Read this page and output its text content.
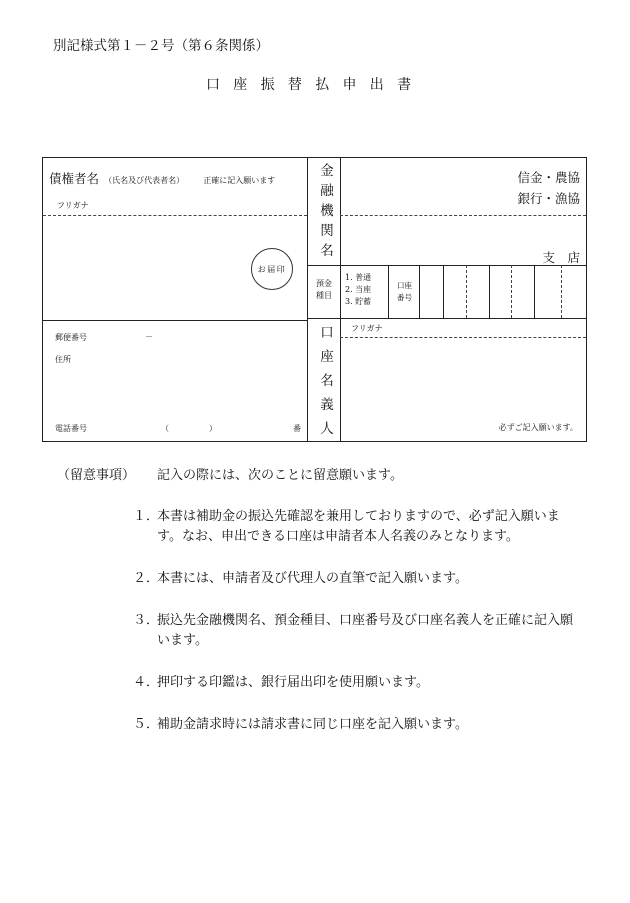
別記様式第１－２号（第６条関係）
口座振替払申出書
債権者名 （氏名及び代表者名） 正確に記入願います
フリガナ
お届印
金
融
機
関
名
信金・農協
銀行・漁協
支　店
預金
種目
1. 普通
2. 当座
3. 貯蓄
口座
番号
郵便番号	－
住所
電話番号	（	）	番
口
座
名
義
人
フリガナ
必ずご記入願います。
（留意事項） 記入の際には、次のことに留意願います。
１．
本書は補助金の振込先確認を兼用しておりますので、必ず記入願います。なお、申出できる口座は申請者本人名義のみとなります。
２．
本書には、申請者及び代理人の直筆で記入願います。
３．
振込先金融機関名、預金種目、口座番号及び口座名義人を正確に記入願います。
４．
押印する印鑑は、銀行届出印を使用願います。
５．
補助金請求時には請求書に同じ口座を記入願います。
